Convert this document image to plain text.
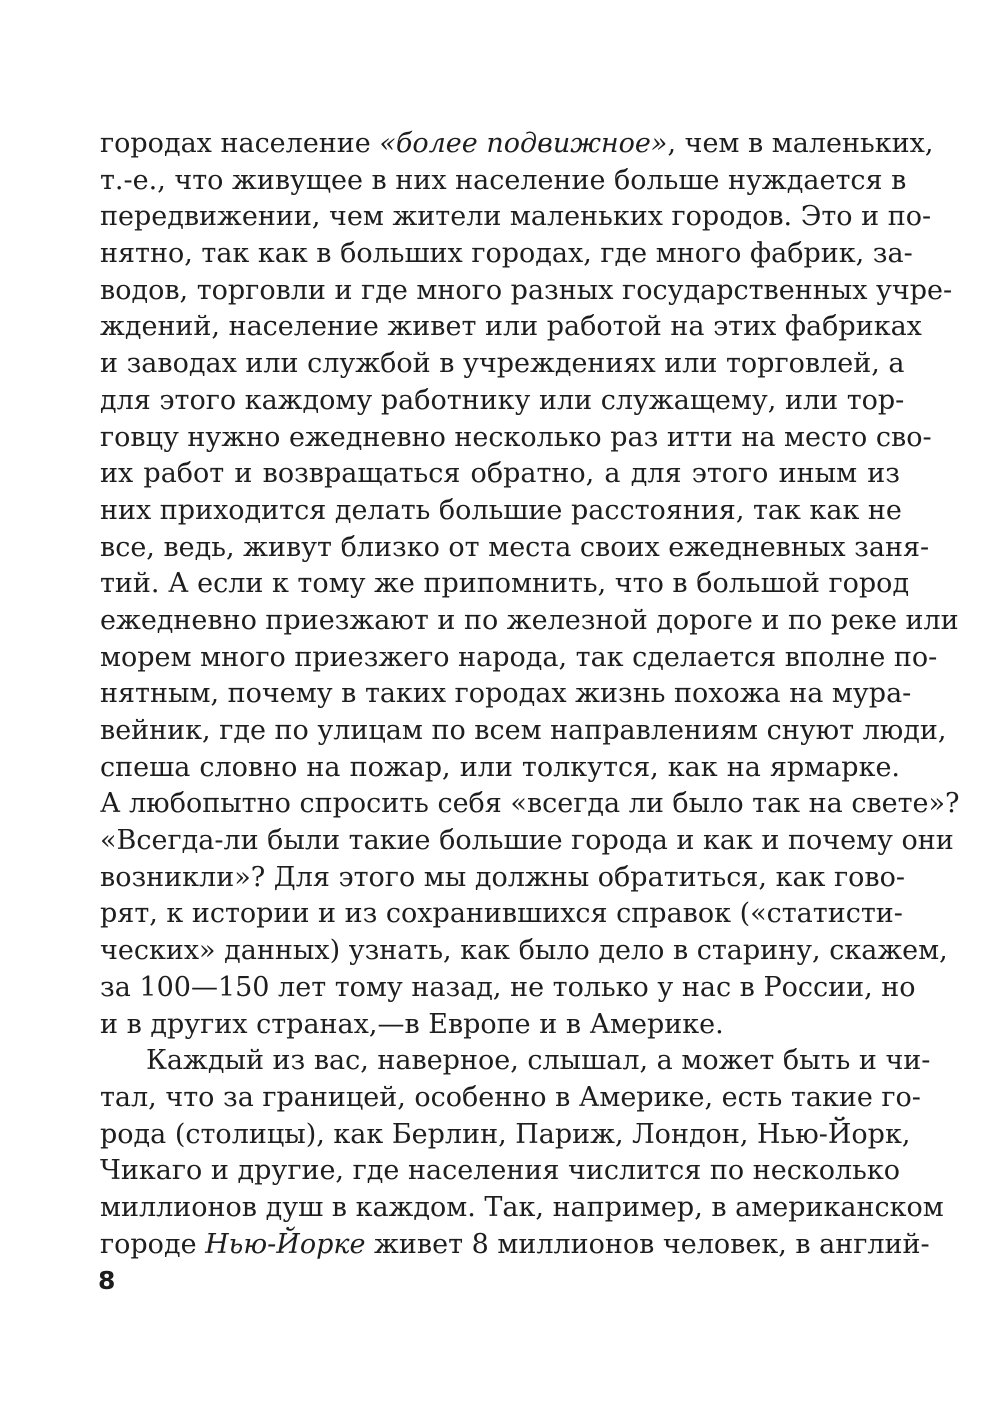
городах население «более подвижное», чем в маленьких,
т.-е., что живущее в них население больше нуждается в
передвижении, чем жители маленьких городов. Это и по-
нятно, так как в больших городах, где много фабрик, за-
водов, торговли и где много разных государственных учре-
ждений, население живет или работой на этих фабриках
и заводах или службой в учреждениях или торговлей, а
для этого каждому работнику или служащему, или тор-
говцу нужно ежедневно несколько раз итти на место сво-
их работ и возвращаться обратно, а для этого иным из
них приходится делать большие расстояния, так как не
все, ведь, живут близко от места своих ежедневных заня-
тий. А если к тому же припомнить, что в большой город
ежедневно приезжают и по железной дороге и по реке или
морем много приезжего народа, так сделается вполне по-
нятным, почему в таких городах жизнь похожа на мура-
вейник, где по улицам по всем направлениям снуют люди,
спеша словно на пожар, или толкутся, как на ярмарке.
А любопытно спросить себя «всегда ли было так на свете»?
«Всегда-ли были такие большие города и как и почему они
возникли»? Для этого мы должны обратиться, как гово-
рят, к истории и из сохранившихся справок («статисти-
ческих» данных) узнать, как было дело в старину, скажем,
за 100—150 лет тому назад, не только у нас в России, но
и в других странах,—в Европе и в Америке.
Каждый из вас, наверное, слышал, а может быть и чи-
тал, что за границей, особенно в Америке, есть такие го-
рода (столицы), как Берлин, Париж, Лондон, Нью-Йорк,
Чикаго и другие, где населения числится по несколько
миллионов душ в каждом. Так, например, в американском
городе Нью-Йорке живет 8 миллионов человек, в англий-
8
